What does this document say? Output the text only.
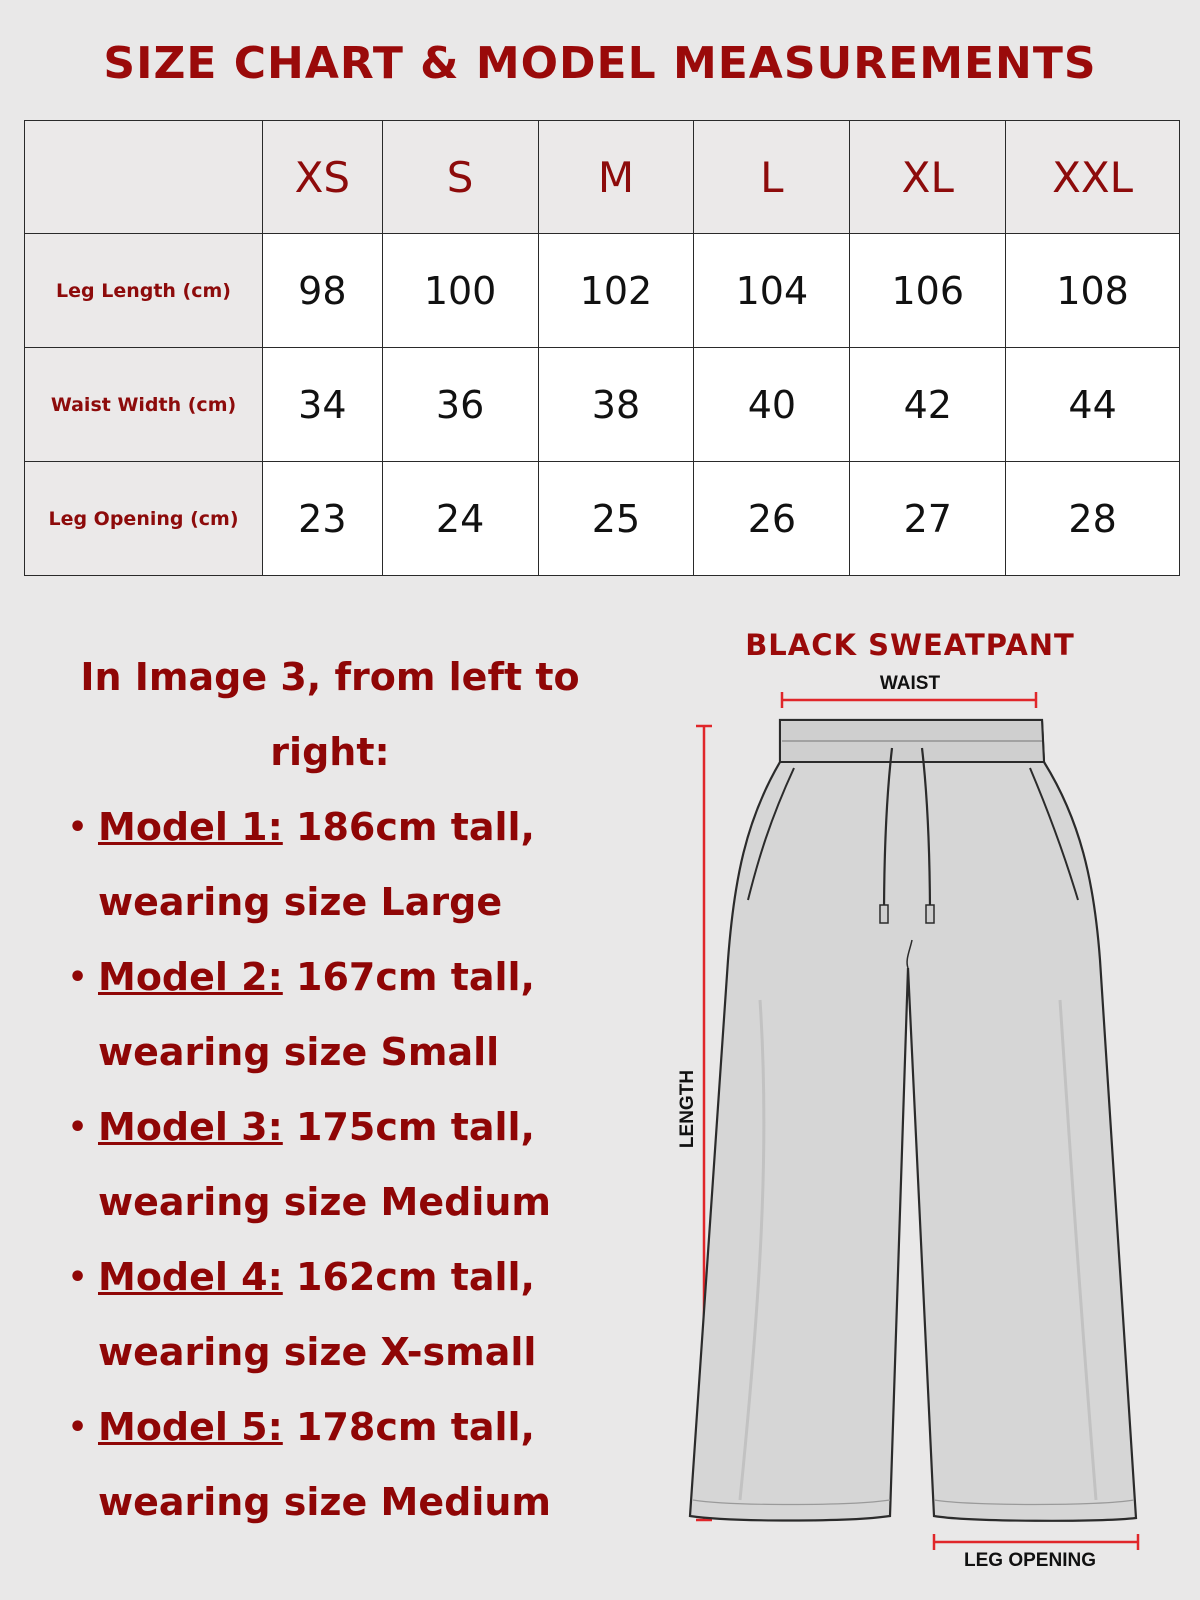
SIZE CHART & MODEL MEASUREMENTS
	XS	S	M	L	XL	XXL
Leg Length (cm)	98	100	102	104	106	108
Waist Width (cm)	34	36	38	40	42	44
Leg Opening (cm)	23	24	25	26	27	28
In Image 3, from left to right:
• Model 1: 186cm tall, wearing size Large
• Model 2: 167cm tall, wearing size Small
• Model 3: 175cm tall, wearing size Medium
• Model 4: 162cm tall, wearing size X-small
• Model 5: 178cm tall, wearing size Medium
BLACK SWEATPANT
WAIST
LENGTH
LEG OPENING
